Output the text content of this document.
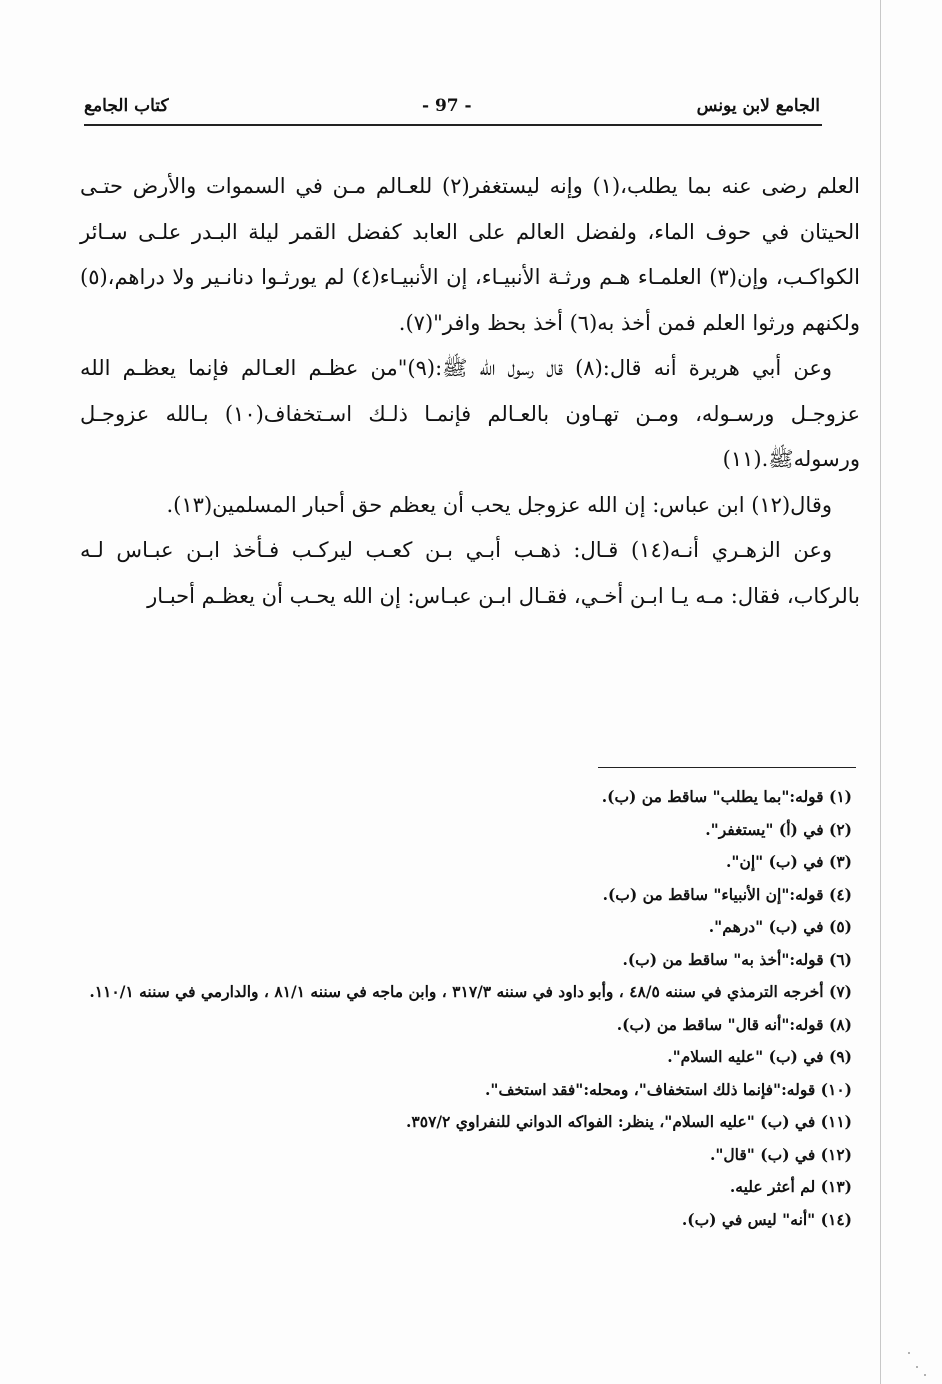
الجامع لابن يونس
- 97 -
كتاب الجامع

العلم رضى عنه بما يطلب،(١) وإنه ليستغفر(٢) للعـالم مـن في السموات والأرض حتـى الحيتان في حوف الماء، ولفضل العالم على العابد كفضل القمر ليلة البـدر علـى سـائر الكواكـب، وإن(٣) العلمـاء هـم ورثـة الأنبيـاء، إن الأنبيـاء(٤) لم يورثـوا دنانـير ولا دراهم،(٥) ولكنهم ورثوا العلم فمن أخذ به(٦) أخذ بحظ وافر"(٧).

وعن أبي هريرة أنه قال:(٨) قال رسول الله ﷺ:(٩)"من عظـم العـالم فإنما يعظـم الله عزوجـل ورسـوله، ومـن تهـاون بالعـالم فإنمـا ذلـك اسـتخفاف(١٠) بـالله عزوجـل ورسولهﷺ.(١١)

وقال(١٢) ابن عباس: إن الله عزوجل يحب أن يعظم حق أحبار المسلمين(١٣).

وعن الزهـري أنـه(١٤) قـال: ذهـب أبـي بـن كعـب ليركـب فـأخذ ابـن عبـاس لـه بالركاب، فقال: مـه يـا ابـن أخـي، فقـال ابـن عبـاس: إن الله يحـب أن يعظـم أحبـار

(١) قوله:"بما يطلب" ساقط من (ب).

(٢) في (أ) "يستغفر".

(٣) في (ب) "إن".

(٤) قوله:"إن الأنبياء" ساقط من (ب).

(٥) في (ب) "درهم".

(٦) قوله:"أخذ به" ساقط من (ب).

(٧) أخرجه الترمذي في سننه ٤٨/٥ ، وأبو داود في سننه ٣١٧/٣ ، وابن ماجه في سننه ٨١/١ ، والدارمي في سننه ١١٠/١.

(٨) قوله:"أنه قال" ساقط من (ب).

(٩) في (ب) "عليه السلام".

(١٠) قوله:"فإنما ذلك استخفاف"، ومحله:"فقد استخف".

(١١) في (ب) "عليه السلام"، ينظر: الفواكه الدواني للنفراوي ٣٥٧/٢.

(١٢) في (ب) "قال".

(١٣) لم أعثر عليه.

(١٤) "أنه" ليس في (ب).
